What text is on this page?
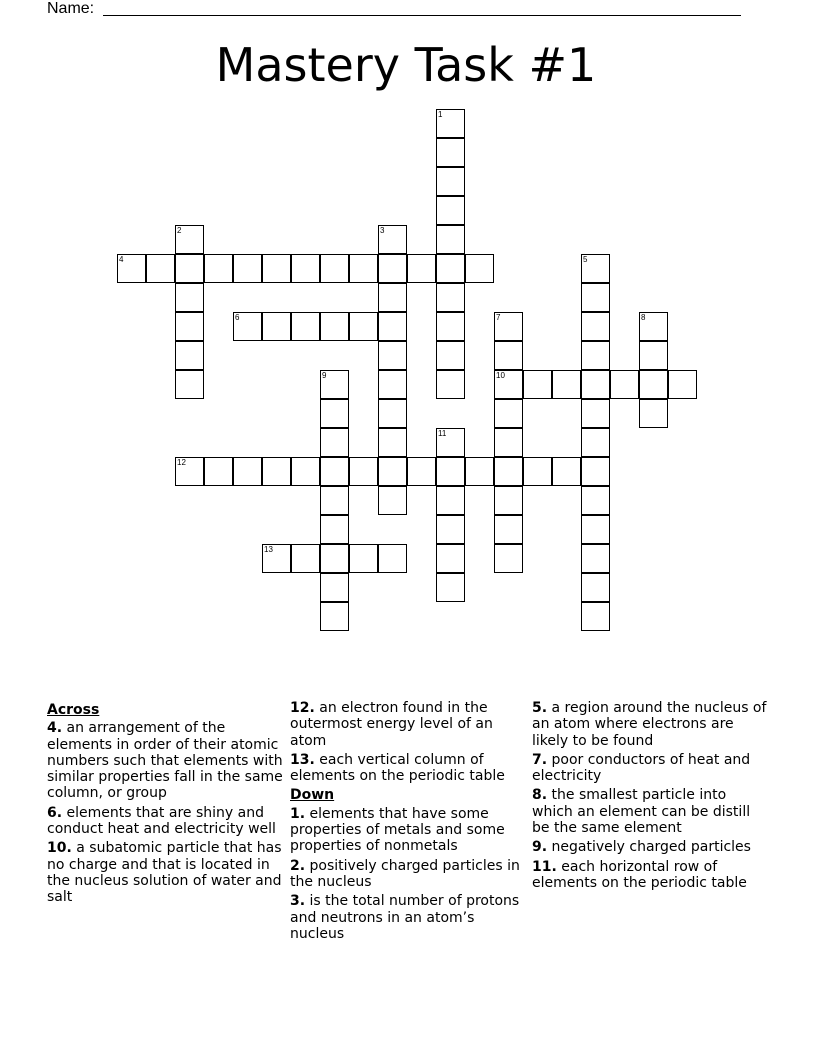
Name:
Mastery Task #1
1
2	3
4	5
6	7
10
8
9
11
12
13
Across
4. an arrangement of the elements in order of their atomic numbers such that elements with similar properties fall in the same column, or group
6. elements that are shiny and conduct heat and electricity well
10. a subatomic particle that has no charge and that is located in the nucleus solution of water and salt
12. an electron found in the outermost energy level of an atom
13. each vertical column of elements on the periodic table
Down
1. elements that have some properties of metals and some properties of nonmetals
2. positively charged particles in the nucleus
3. is the total number of protons and neutrons in an atom’s nucleus
5. a region around the nucleus of an atom where electrons are likely to be found
7. poor conductors of heat and electricity
8. the smallest particle into which an element can be distill be the same element
9. negatively charged particles
11. each horizontal row of elements on the periodic table
